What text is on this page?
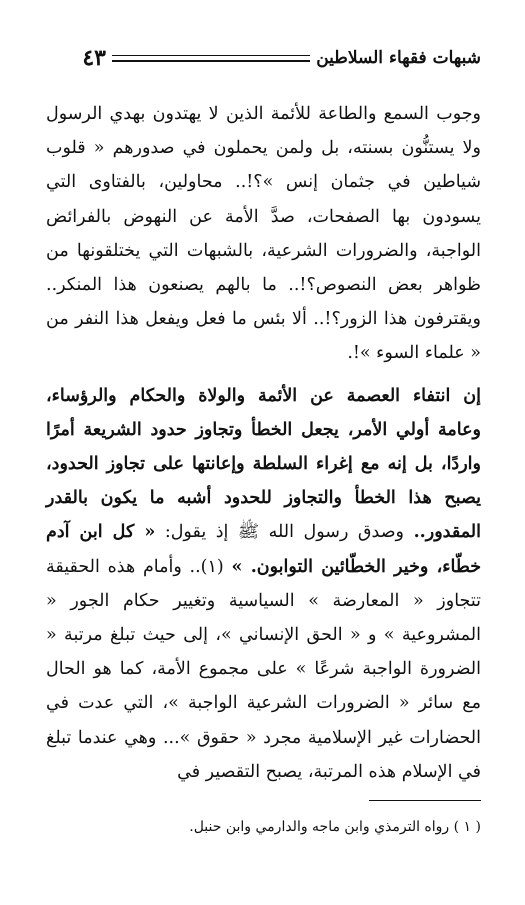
٤٣	شبهات فقهاء السلاطين

وجوب السمع والطاعة للأئمة الذين لا يهتدون بهدي الرسول ولا يستنُّون بسنته، بل ولمن يحملون في صدورهم « قلوب شياطين في جثمان إنس »؟!.. محاولين، بالفتاوى التي يسودون بها الصفحات، صدَّ الأمة عن النهوض بالفرائض الواجبة، والضرورات الشرعية، بالشبهات التي يختلقونها من ظواهر بعض النصوص؟!.. ما بالهم يصنعون هذا المنكر.. ويقترفون هذا الزور؟!.. ألا بئس ما فعل ويفعل هذا النفر من « علماء السوء »!.

إن انتفاء العصمة عن الأئمة والولاة والحكام والرؤساء، وعامة أولي الأمر، يجعل الخطأ وتجاوز حدود الشريعة أمرًا واردًا، بل إنه مع إغراء السلطة وإعانتها على تجاوز الحدود، يصبح هذا الخطأ والتجاوز للحدود أشبه ما يكون بالقدر المقدور.. وصدق رسول الله ﷺ إذ يقول: « كل ابن آدم خطّاء، وخير الخطّائين التوابون. » (١).. وأمام هذه الحقيقة تتجاوز « المعارضة » السياسية وتغيير حكام الجور « المشروعية » و « الحق الإنساني »، إلى حيث تبلغ مرتبة « الضرورة الواجبة شرعًا » على مجموع الأمة، كما هو الحال مع سائر « الضرورات الشرعية الواجبة »، التي عدت في الحضارات غير الإسلامية مجرد « حقوق »... وهي عندما تبلغ في الإسلام هذه المرتبة، يصبح التقصير في

( ١ ) رواه الترمذي وابن ماجه والدارمي وابن حنبل.
